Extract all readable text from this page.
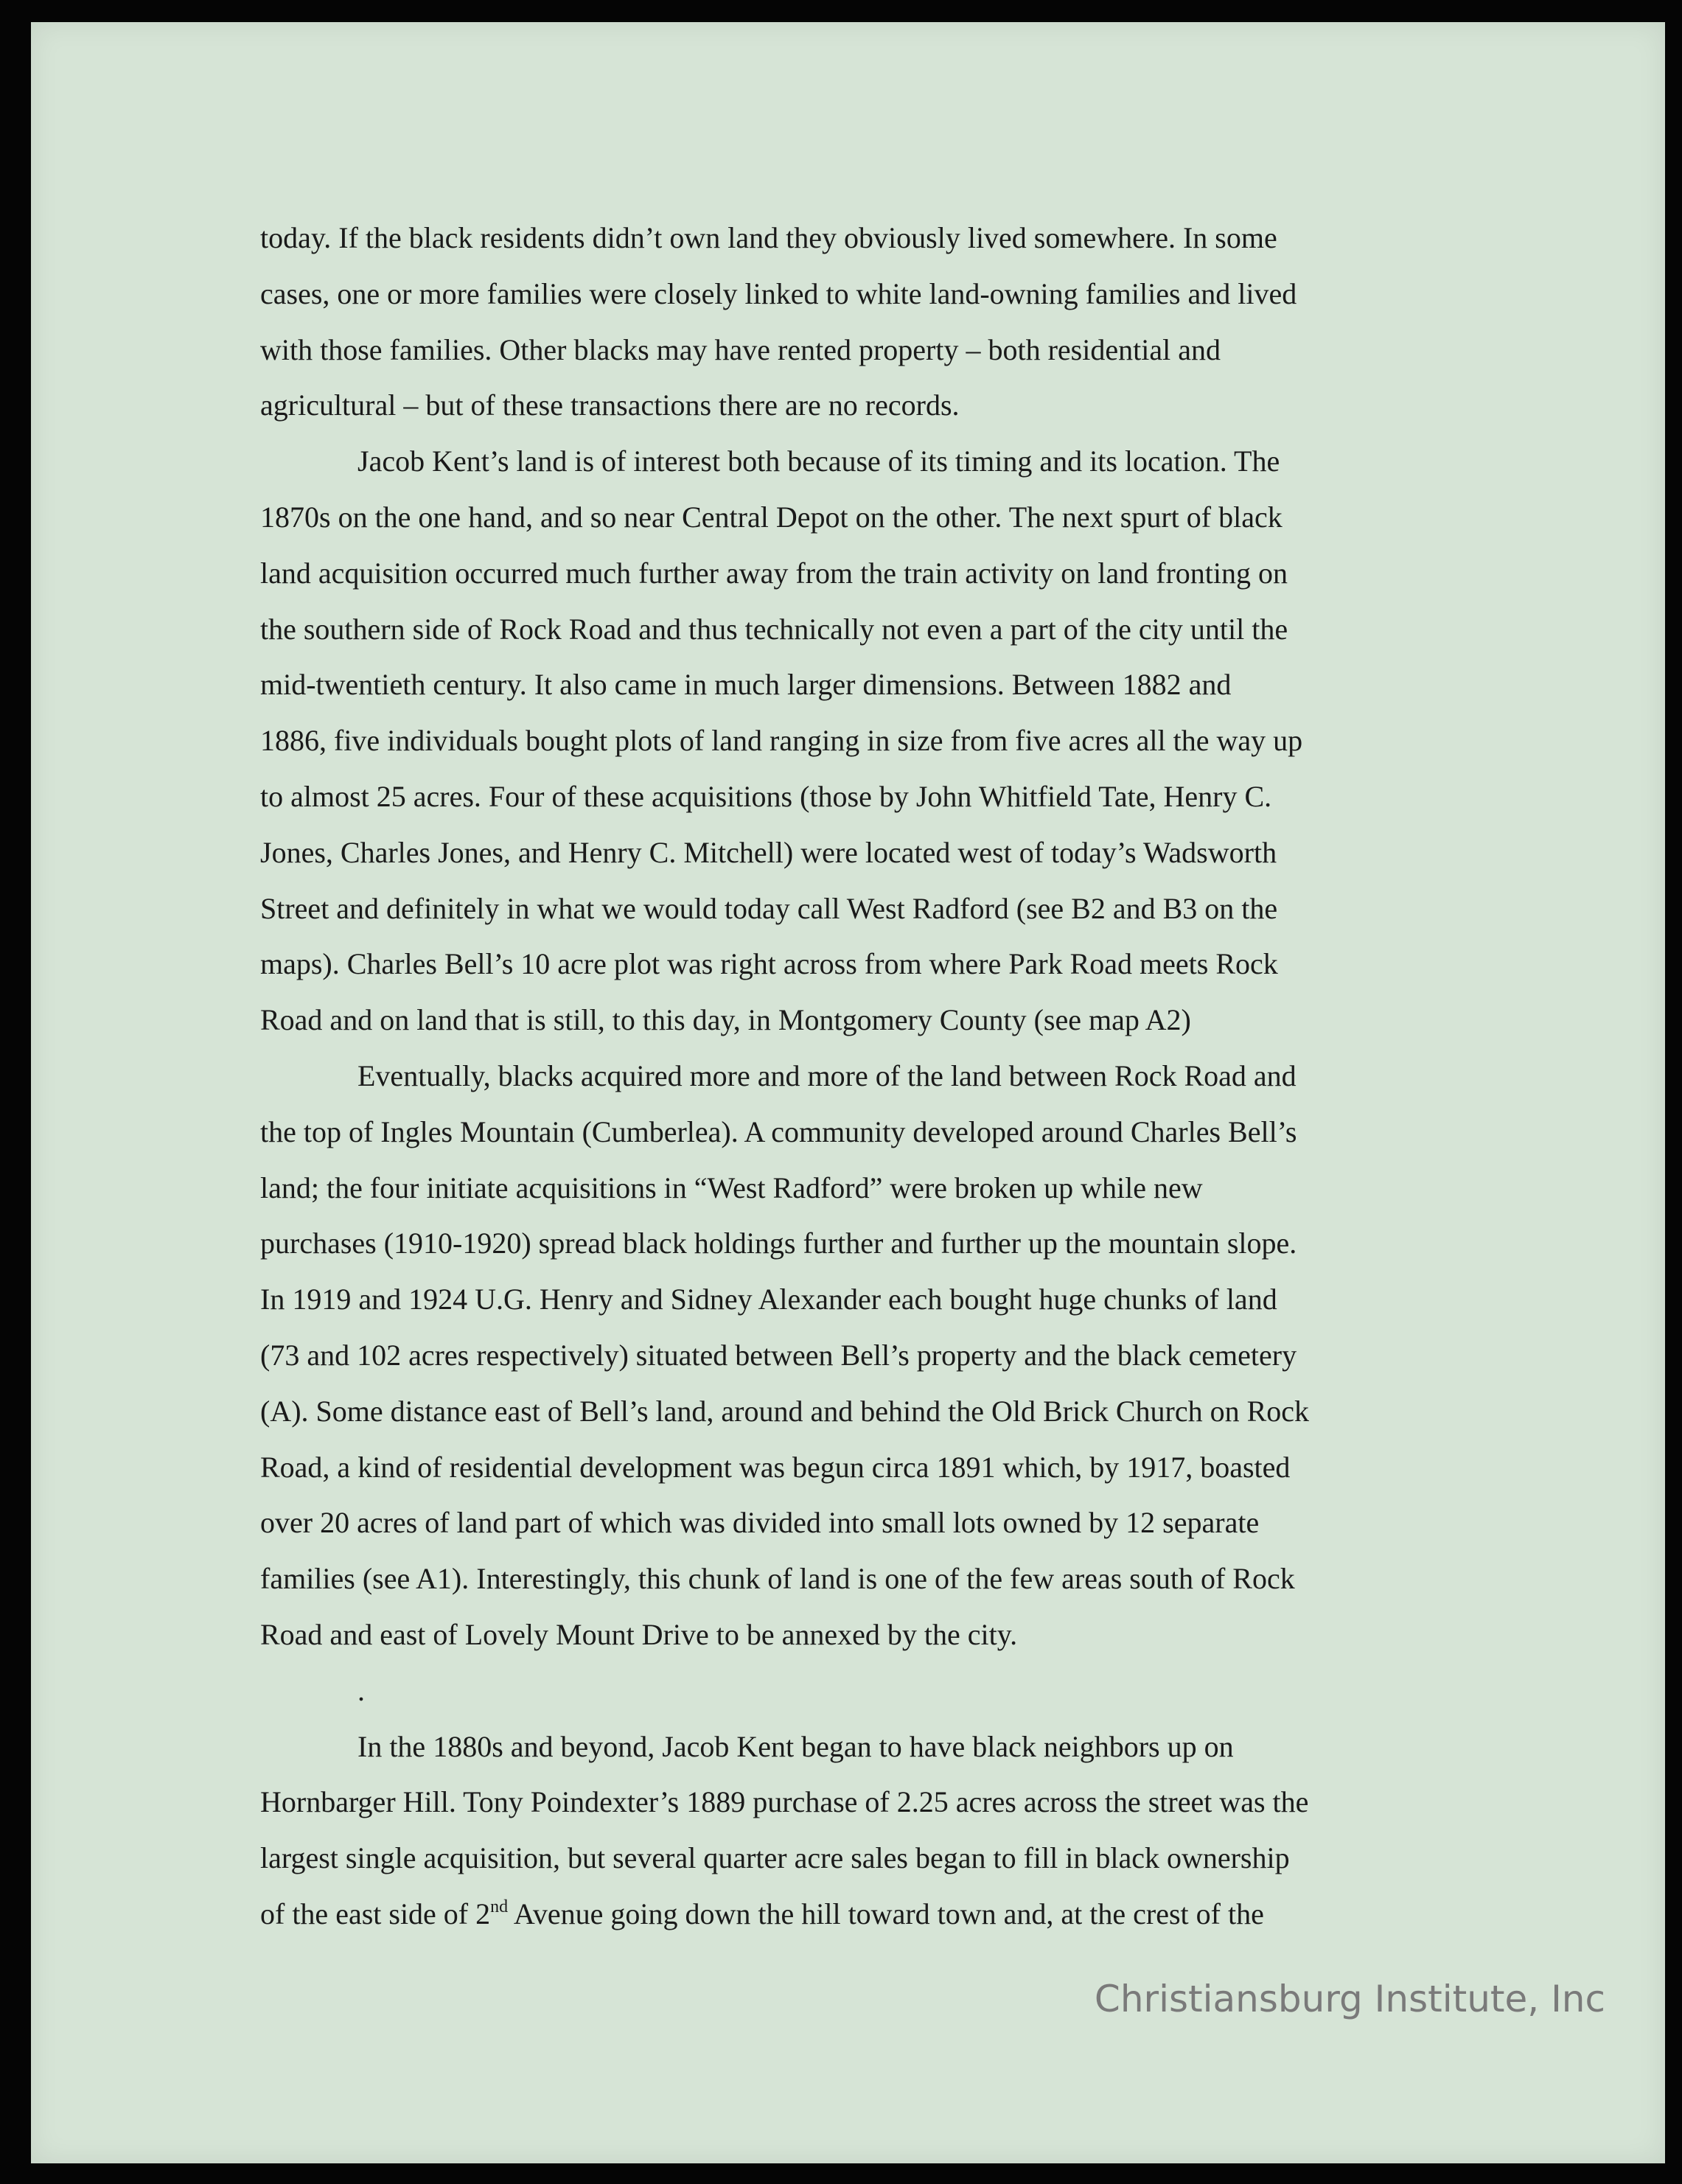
today. If the black residents didn’t own land they obviously lived somewhere. In some
cases, one or more families were closely linked to white land-owning families and lived
with those families. Other blacks may have rented property – both residential and
agricultural – but of these transactions there are no records.
Jacob Kent’s land is of interest both because of its timing and its location. The
1870s on the one hand, and so near Central Depot on the other. The next spurt of black
land acquisition occurred much further away from the train activity on land fronting on
the southern side of Rock Road and thus technically not even a part of the city until the
mid-twentieth century. It also came in much larger dimensions. Between 1882 and
1886, five individuals bought plots of land ranging in size from five acres all the way up
to almost 25 acres. Four of these acquisitions (those by John Whitfield Tate, Henry C.
Jones, Charles Jones, and Henry C. Mitchell) were located west of today’s Wadsworth
Street and definitely in what we would today call West Radford (see B2 and B3 on the
maps). Charles Bell’s 10 acre plot was right across from where Park Road meets Rock
Road and on land that is still, to this day, in Montgomery County (see map A2)
Eventually, blacks acquired more and more of the land between Rock Road and
the top of Ingles Mountain (Cumberlea). A community developed around Charles Bell’s
land; the four initiate acquisitions in “West Radford” were broken up while new
purchases (1910-1920) spread black holdings further and further up the mountain slope.
In 1919 and 1924 U.G. Henry and Sidney Alexander each bought huge chunks of land
(73 and 102 acres respectively) situated between Bell’s property and the black cemetery
(A). Some distance east of Bell’s land, around and behind the Old Brick Church on Rock
Road, a kind of residential development was begun circa 1891 which, by 1917, boasted
over 20 acres of land part of which was divided into small lots owned by 12 separate
families (see A1). Interestingly, this chunk of land is one of the few areas south of Rock
Road and east of Lovely Mount Drive to be annexed by the city.
.
In the 1880s and beyond, Jacob Kent began to have black neighbors up on
Hornbarger Hill. Tony Poindexter’s 1889 purchase of 2.25 acres across the street was the
largest single acquisition, but several quarter acre sales began to fill in black ownership
of the east side of 2nd Avenue going down the hill toward town and, at the crest of the
Christiansburg Institute, Inc
